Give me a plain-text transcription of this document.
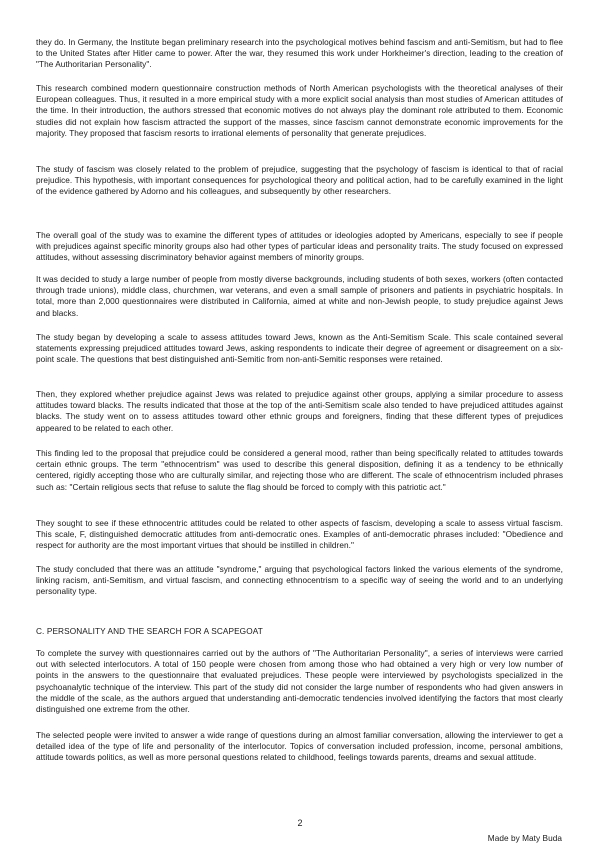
they do. In Germany, the Institute began preliminary research into the psychological motives behind fascism and anti-Semitism, but had to flee to the United States after Hitler came to power. After the war, they resumed this work under Horkheimer's direction, leading to the creation of "The Authoritarian Personality".

This research combined modern questionnaire construction methods of North American psychologists with the theoretical analyses of their European colleagues. Thus, it resulted in a more empirical study with a more explicit social analysis than most studies of American attitudes of the time. In their introduction, the authors stressed that economic motives do not always play the dominant role attributed to them. Economic studies did not explain how fascism attracted the support of the masses, since fascism cannot demonstrate economic improvements for the majority. They proposed that fascism resorts to irrational elements of personality that generate prejudices.

The study of fascism was closely related to the problem of prejudice, suggesting that the psychology of fascism is identical to that of racial prejudice. This hypothesis, with important consequences for psychological theory and political action, had to be carefully examined in the light of the evidence gathered by Adorno and his colleagues, and subsequently by other researchers.

The overall goal of the study was to examine the different types of attitudes or ideologies adopted by Americans, especially to see if people with prejudices against specific minority groups also had other types of particular ideas and personality traits. The study focused on expressed attitudes, without assessing discriminatory behavior against members of minority groups.

It was decided to study a large number of people from mostly diverse backgrounds, including students of both sexes, workers (often contacted through trade unions), middle class, churchmen, war veterans, and even a small sample of prisoners and patients in psychiatric hospitals. In total, more than 2,000 questionnaires were distributed in California, aimed at white and non-Jewish people, to study prejudice against Jews and blacks.

The study began by developing a scale to assess attitudes toward Jews, known as the Anti-Semitism Scale. This scale contained several statements expressing prejudiced attitudes toward Jews, asking respondents to indicate their degree of agreement or disagreement on a six-point scale. The questions that best distinguished anti-Semitic from non-anti-Semitic responses were retained.

Then, they explored whether prejudice against Jews was related to prejudice against other groups, applying a similar procedure to assess attitudes toward blacks. The results indicated that those at the top of the anti-Semitism scale also tended to have prejudiced attitudes against blacks. The study went on to assess attitudes toward other ethnic groups and foreigners, finding that these different types of prejudices appeared to be related to each other.

This finding led to the proposal that prejudice could be considered a general mood, rather than being specifically related to attitudes towards certain ethnic groups. The term "ethnocentrism" was used to describe this general disposition, defining it as a tendency to be ethnically centered, rigidly accepting those who are culturally similar, and rejecting those who are different. The scale of ethnocentrism included phrases such as: "Certain religious sects that refuse to salute the flag should be forced to comply with this patriotic act."

They sought to see if these ethnocentric attitudes could be related to other aspects of fascism, developing a scale to assess virtual fascism. This scale, F, distinguished democratic attitudes from anti-democratic ones. Examples of anti-democratic phrases included: "Obedience and respect for authority are the most important virtues that should be instilled in children."

The study concluded that there was an attitude "syndrome," arguing that psychological factors linked the various elements of the syndrome, linking racism, anti-Semitism, and virtual fascism, and connecting ethnocentrism to a specific way of seeing the world and to an underlying personality type.

C. PERSONALITY AND THE SEARCH FOR A SCAPEGOAT

To complete the survey with questionnaires carried out by the authors of "The Authoritarian Personality", a series of interviews were carried out with selected interlocutors. A total of 150 people were chosen from among those who had obtained a very high or very low number of points in the answers to the questionnaire that evaluated prejudices. These people were interviewed by psychologists specialized in the psychoanalytic technique of the interview. This part of the study did not consider the large number of respondents who had given answers in the middle of the scale, as the authors argued that understanding anti-democratic tendencies involved identifying the factors that most clearly distinguished one extreme from the other.

The selected people were invited to answer a wide range of questions during an almost familiar conversation, allowing the interviewer to get a detailed idea of the type of life and personality of the interlocutor. Topics of conversation included profession, income, personal ambitions, attitude towards politics, as well as more personal questions related to childhood, feelings towards parents, dreams and sexual attitude.

2
Made by Maty Buda
